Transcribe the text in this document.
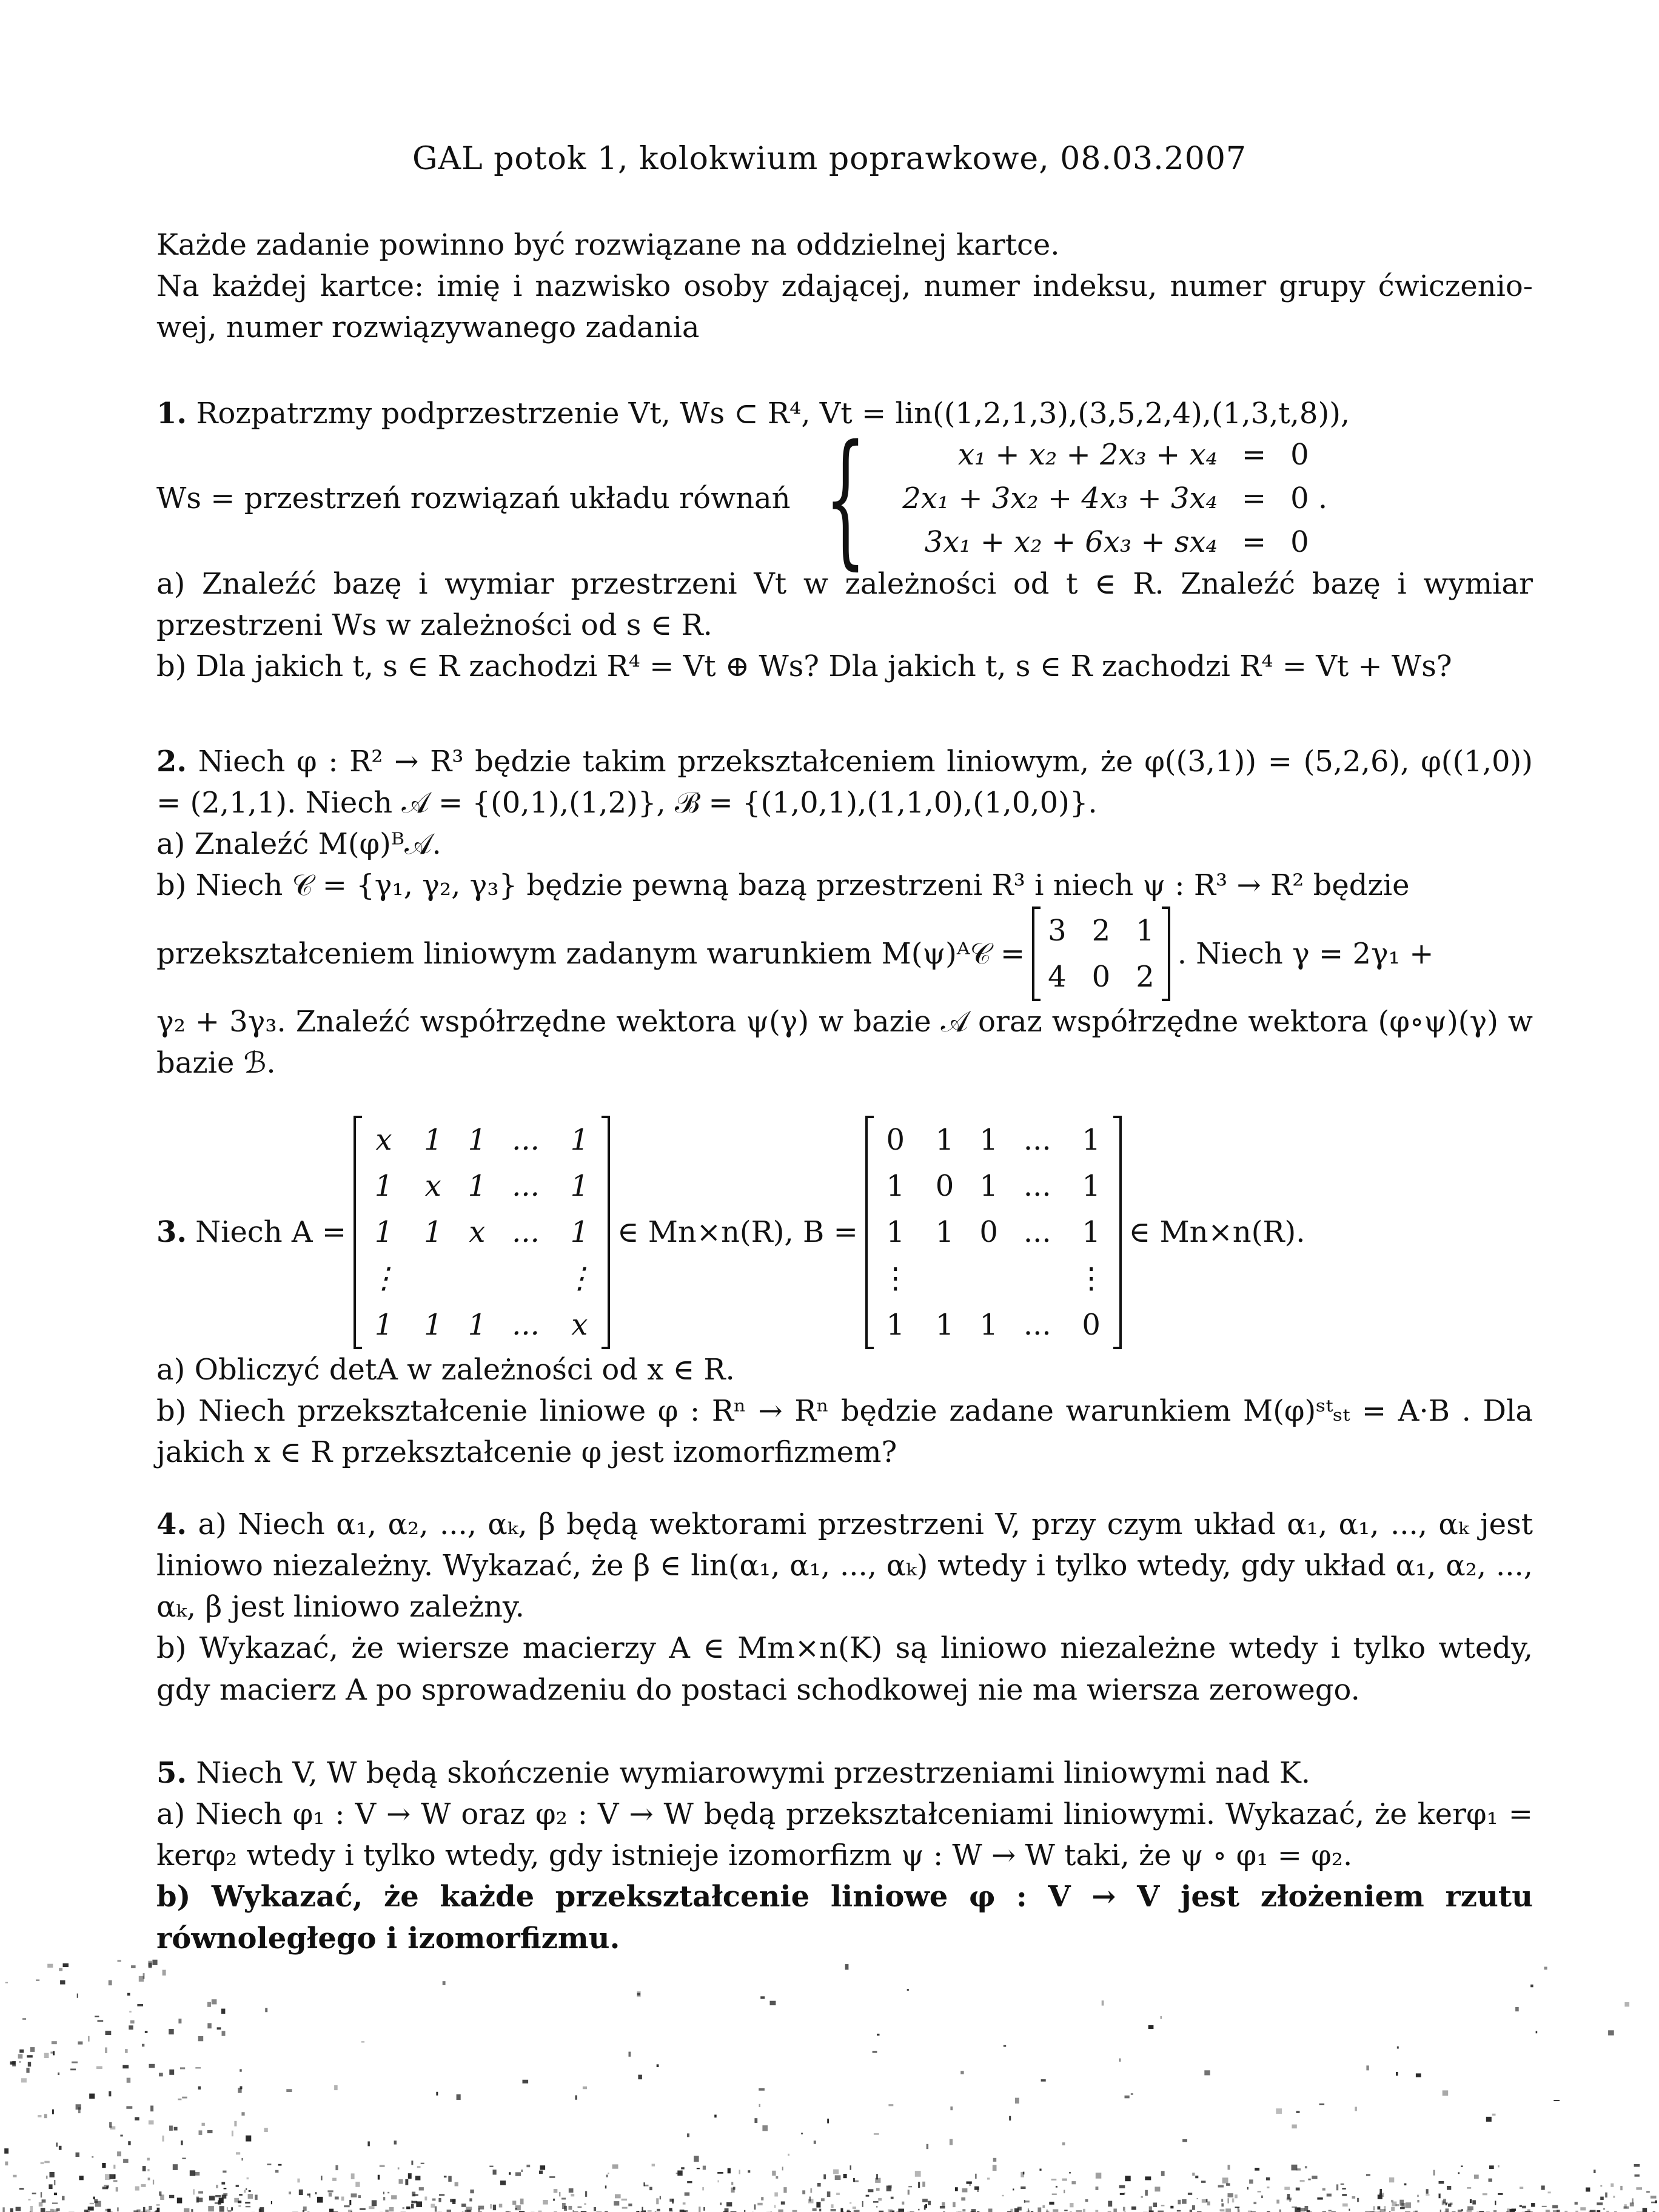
GAL potok 1, kolokwium poprawkowe, 08.03.2007
Każde zadanie powinno być rozwiązane na oddzielnej kartce.
Na każdej kartce: imię i nazwisko osoby zdającej, numer indeksu, numer grupy ćwiczenio-wej, numer rozwiązywanego zadania
1. Rozpatrzmy podprzestrzenie Vt, Ws ⊂ R⁴, Vt = lin((1,2,1,3),(3,5,2,4),(1,3,t,8)),
Ws = przestrzeń rozwiązań układu równań {	x₁ + x₂ + 2x₃ + x₄ = 0
2x₁ + 3x₂ + 4x₃ + 3x₄ = 0 .
3x₁ + x₂ + 6x₃ + sx₄ = 0
a) Znaleźć bazę i wymiar przestrzeni Vt w zależności od t ∈ R. Znaleźć bazę i wymiar przestrzeni Ws w zależności od s ∈ R.
b) Dla jakich t, s ∈ R zachodzi R⁴ = Vt ⊕ Ws? Dla jakich t, s ∈ R zachodzi R⁴ = Vt + Ws?
2. Niech φ : R² → R³ będzie takim przekształceniem liniowym, że φ((3,1)) = (5,2,6), φ((1,0)) = (2,1,1). Niech 𝒜 = {(0,1),(1,2)}, ℬ = {(1,0,1),(1,1,0),(1,0,0)}.
a) Znaleźć M(φ)ᴮ𝒜.
b) Niech 𝒞 = {γ₁, γ₂, γ₃} będzie pewną bazą przestrzeni R³ i niech ψ : R³ → R² będzie
przekształceniem liniowym zadanym warunkiem M(ψ)ᴬ𝒞 =
3 2 1
4 0 2
. Niech γ = 2γ₁ +
γ₂ + 3γ₃. Znaleźć współrzędne wektora ψ(γ) w bazie 𝒜 oraz współrzędne wektora (φ∘ψ)(γ) w bazie ℬ.
3. Niech A =
x 1 1 ... 1
1 x 1 ... 1
1 1 x ... 1
⋮	⋮
1 1 1 ... x
∈ Mn×n(R), B =
0 1 1 ... 1
1 0 1 ... 1
1 1 0 ... 1
⋮	⋮
1 1 1 ... 0
∈ Mn×n(R).
a) Obliczyć detA w zależności od x ∈ R.
b) Niech przekształcenie liniowe φ : Rⁿ → Rⁿ będzie zadane warunkiem M(φ)ˢᵗₛₜ = A·B . Dla jakich x ∈ R przekształcenie φ jest izomorfizmem?
4. a) Niech α₁, α₂, ..., αₖ, β będą wektorami przestrzeni V, przy czym układ α₁, α₁, ..., αₖ jest liniowo niezależny. Wykazać, że β ∈ lin(α₁, α₁, ..., αₖ) wtedy i tylko wtedy, gdy układ α₁, α₂, ..., αₖ, β jest liniowo zależny.
b) Wykazać, że wiersze macierzy A ∈ Mm×n(K) są liniowo niezależne wtedy i tylko wtedy, gdy macierz A po sprowadzeniu do postaci schodkowej nie ma wiersza zerowego.
5. Niech V, W będą skończenie wymiarowymi przestrzeniami liniowymi nad K.
a) Niech φ₁ : V → W oraz φ₂ : V → W będą przekształceniami liniowymi. Wykazać, że kerφ₁ = kerφ₂ wtedy i tylko wtedy, gdy istnieje izomorfizm ψ : W → W taki, że ψ ∘ φ₁ = φ₂.
b) Wykazać, że każde przekształcenie liniowe φ : V → V jest złożeniem rzutu równoległego i izomorfizmu.
